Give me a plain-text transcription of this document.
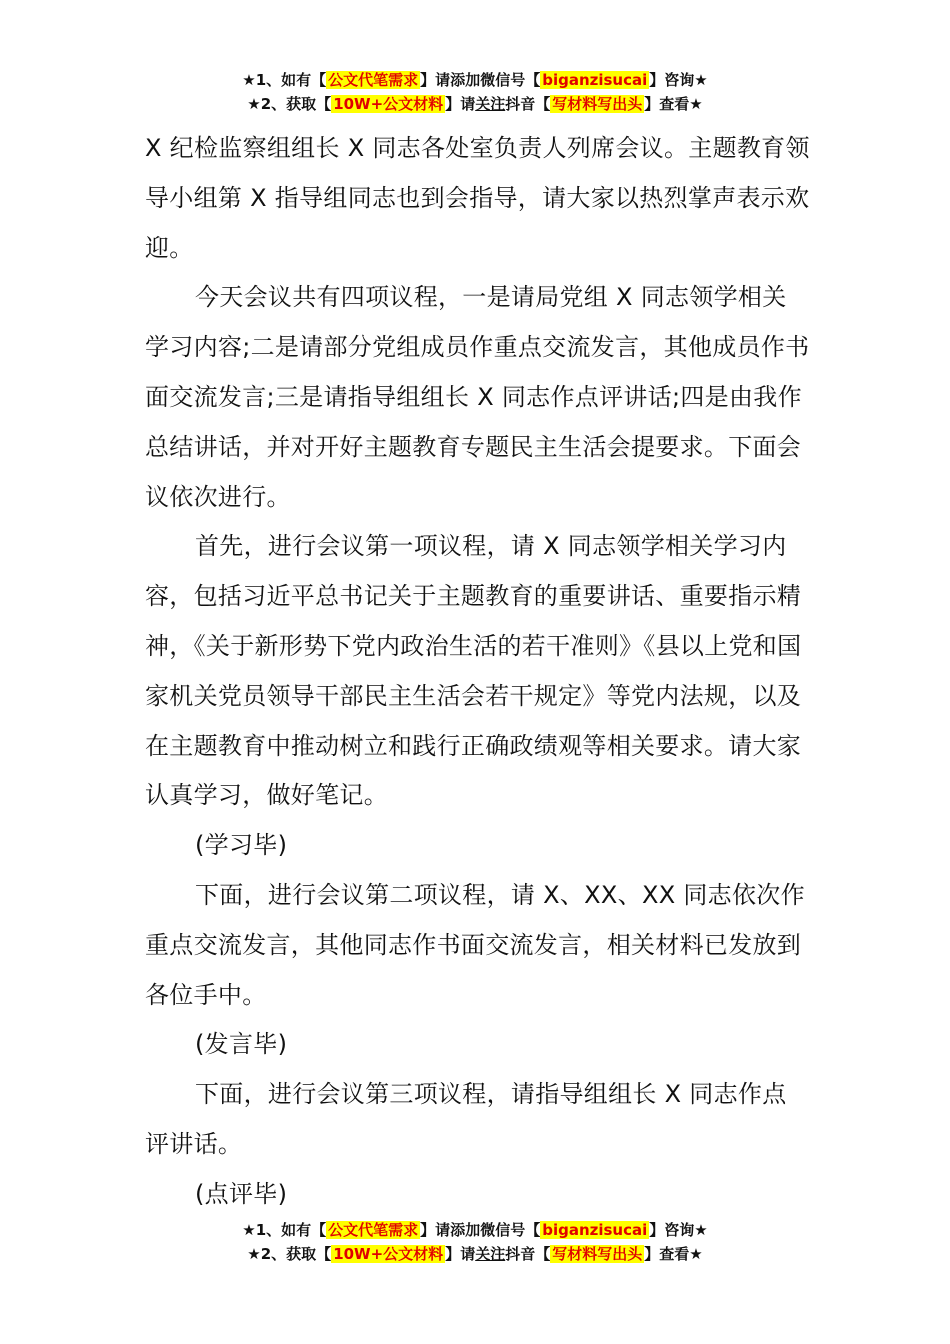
★1、如有【 公文代笔需求 】请添加微信号【 biganzisucai 】咨询★
★2、获取【 10W+公文材料 】请关注抖音【 写材料写出头 】查看★

X 纪检监察组组长 X 同志各处室负责人列席会议。主题教育领导小组第 X 指导组同志也到会指导，请大家以热烈掌声表示欢迎。

今天会议共有四项议程，一是请局党组 X 同志领学相关学习内容;二是请部分党组成员作重点交流发言，其他成员作书面交流发言;三是请指导组组长 X 同志作点评讲话;四是由我作总结讲话，并对开好主题教育专题民主生活会提要求。下面会议依次进行。

首先，进行会议第一项议程，请 X 同志领学相关学习内容，包括习近平总书记关于主题教育的重要讲话、重要指示精神，《关于新形势下党内政治生活的若干准则》《县以上党和国家机关党员领导干部民主生活会若干规定》等党内法规，以及在主题教育中推动树立和践行正确政绩观等相关要求。请大家认真学习，做好笔记。

(学习毕)

下面，进行会议第二项议程，请 X、XX、XX 同志依次作重点交流发言，其他同志作书面交流发言，相关材料已发放到各位手中。

(发言毕)

下面，进行会议第三项议程，请指导组组长 X 同志作点评讲话。

(点评毕)

★1、如有【 公文代笔需求 】请添加微信号【 biganzisucai 】咨询★
★2、获取【 10W+公文材料 】请关注抖音【 写材料写出头 】查看★
